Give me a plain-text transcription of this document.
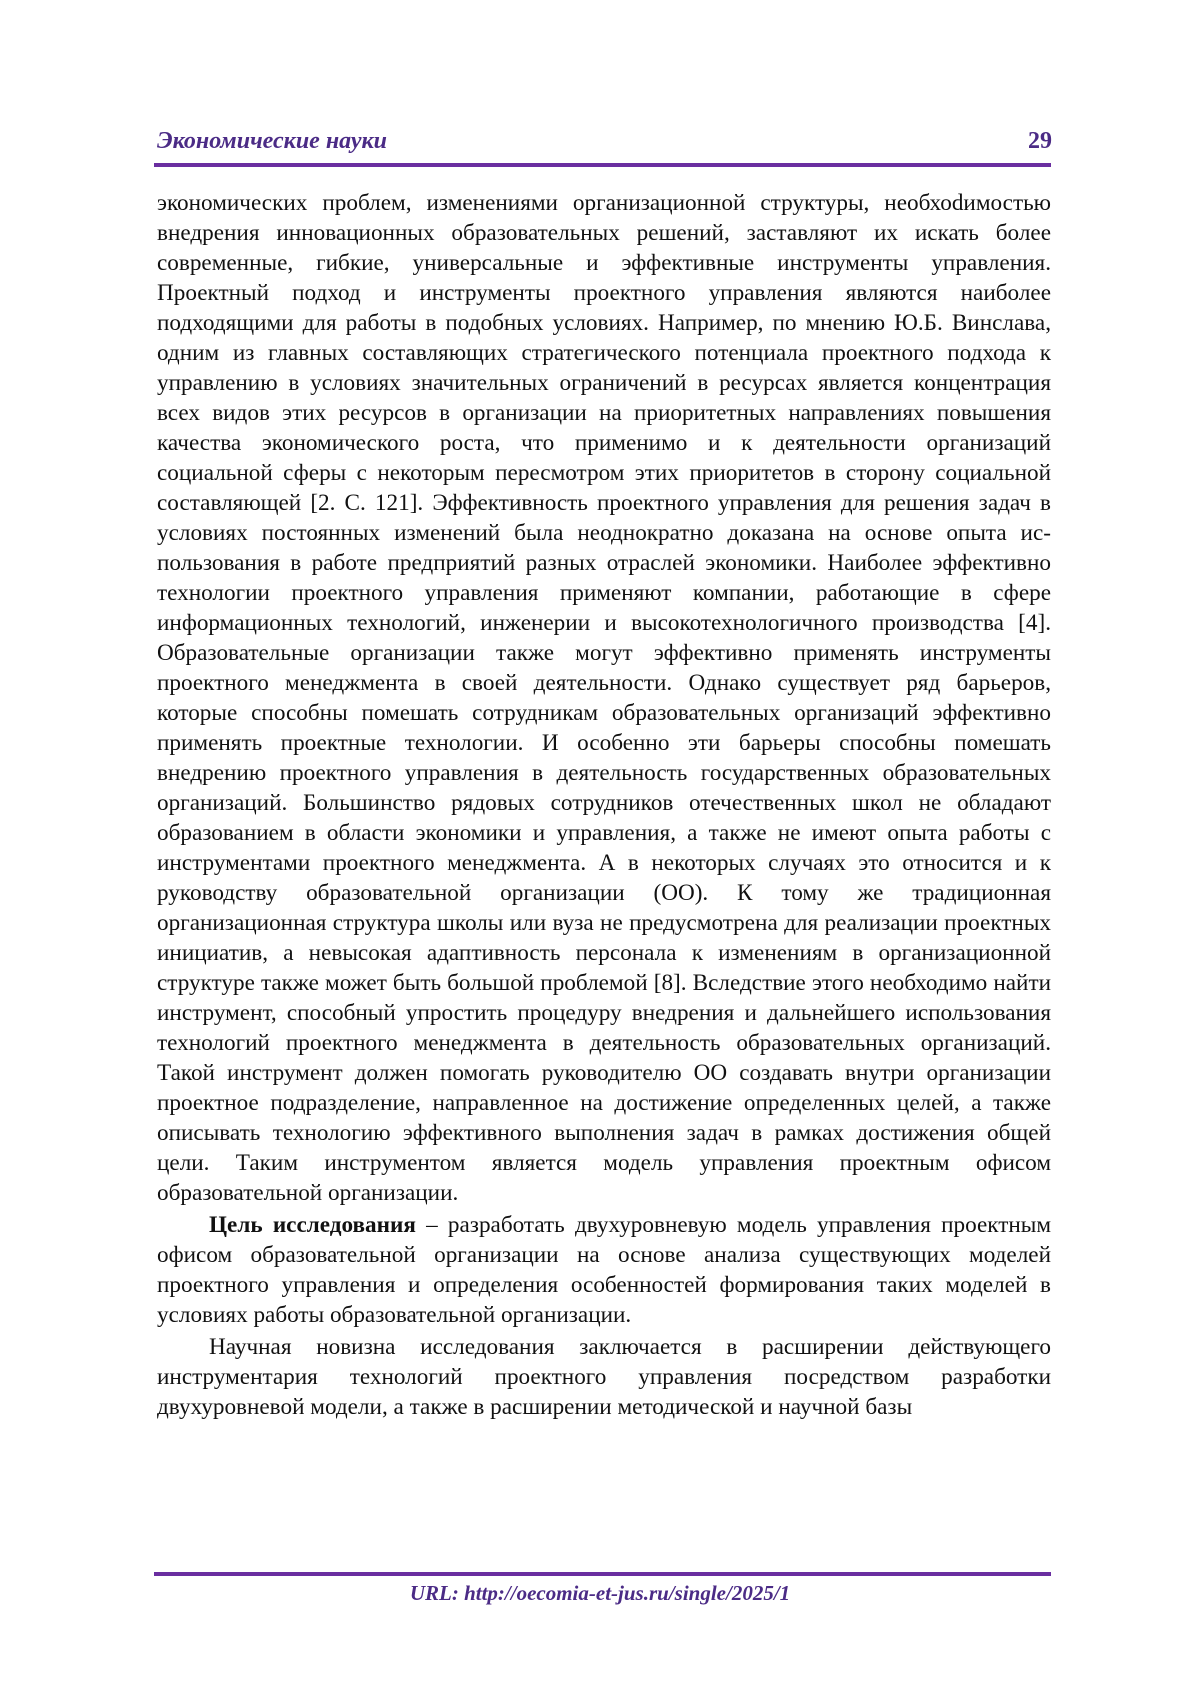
Экономические науки	29

экономических проблем, изменениями организационной структуры, необхоdимостью внедрения инновационных образовательных решений, заставляют их искать более современные, гибкие, универсальные и эффективные инструменты управления. Проектный подход и инструменты проектного управления являются наиболее подходящими для работы в подобных условиях. Например, по мнению Ю.Б. Винслава, одним из главных составляющих стратегического потенциала проектного подхода к управлению в условиях значительных ограничений в ресурсах является концентрация всех видов этих ресурсов в организации на приоритетных направлениях повышения качества экономического роста, что применимо и к деятельности организаций социальной сферы с некоторым пересмотром этих приоритетов в сторону социальной составляющей [2. С. 121]. Эффективность проектного управления для решения задач в условиях постоянных изменений была неоднократно доказана на основе опыта использования в работе предприятий разных отраслей экономики. Наиболее эффективно технологии проектного управления применяют компании, работающие в сфере информационных технологий, инженерии и высокотехнологичного производства [4]. Образовательные организации также могут эффективно применять инструменты проектного менеджмента в своей деятельности. Однако существует ряд барьеров, которые способны помешать сотрудникам образовательных организаций эффективно применять проектные технологии. И особенно эти барьеры способны помешать внедрению проектного управления в деятельность государственных образовательных организаций. Большинство рядовых сотрудников отечественных школ не обладают образованием в области экономики и управления, а также не имеют опыта работы с инструментами проектного менеджмента. А в некоторых случаях это относится и к руководству образовательной организации (ОО). К тому же традиционная организационная структура школы или вуза не предусмотрена для реализации проектных инициатив, а невысокая адаптивность персонала к изменениям в организационной структуре также может быть большой проблемой [8]. Вследствие этого необходимо найти инструмент, способный упростить процедуру внедрения и дальнейшего использования технологий проектного менеджмента в деятельность образовательных организаций. Такой инструмент должен помогать руководителю ОО создавать внутри организации проектное подразделение, направленное на достижение определенных целей, а также описывать технологию эффективного выполнения задач в рамках достижения общей цели. Таким инструментом является модель управления проектным офисом образовательной организации.

Цель исследования – разработать двухуровневую модель управления проектным офисом образовательной организации на основе анализа существующих моделей проектного управления и определения особенностей формирования таких моделей в условиях работы образовательной организации.

Научная новизна исследования заключается в расширении действующего инструментария технологий проектного управления посредством разработки двухуровневой модели, а также в расширении методической и научной базы

URL: http://oecomia-et-jus.ru/single/2025/1
